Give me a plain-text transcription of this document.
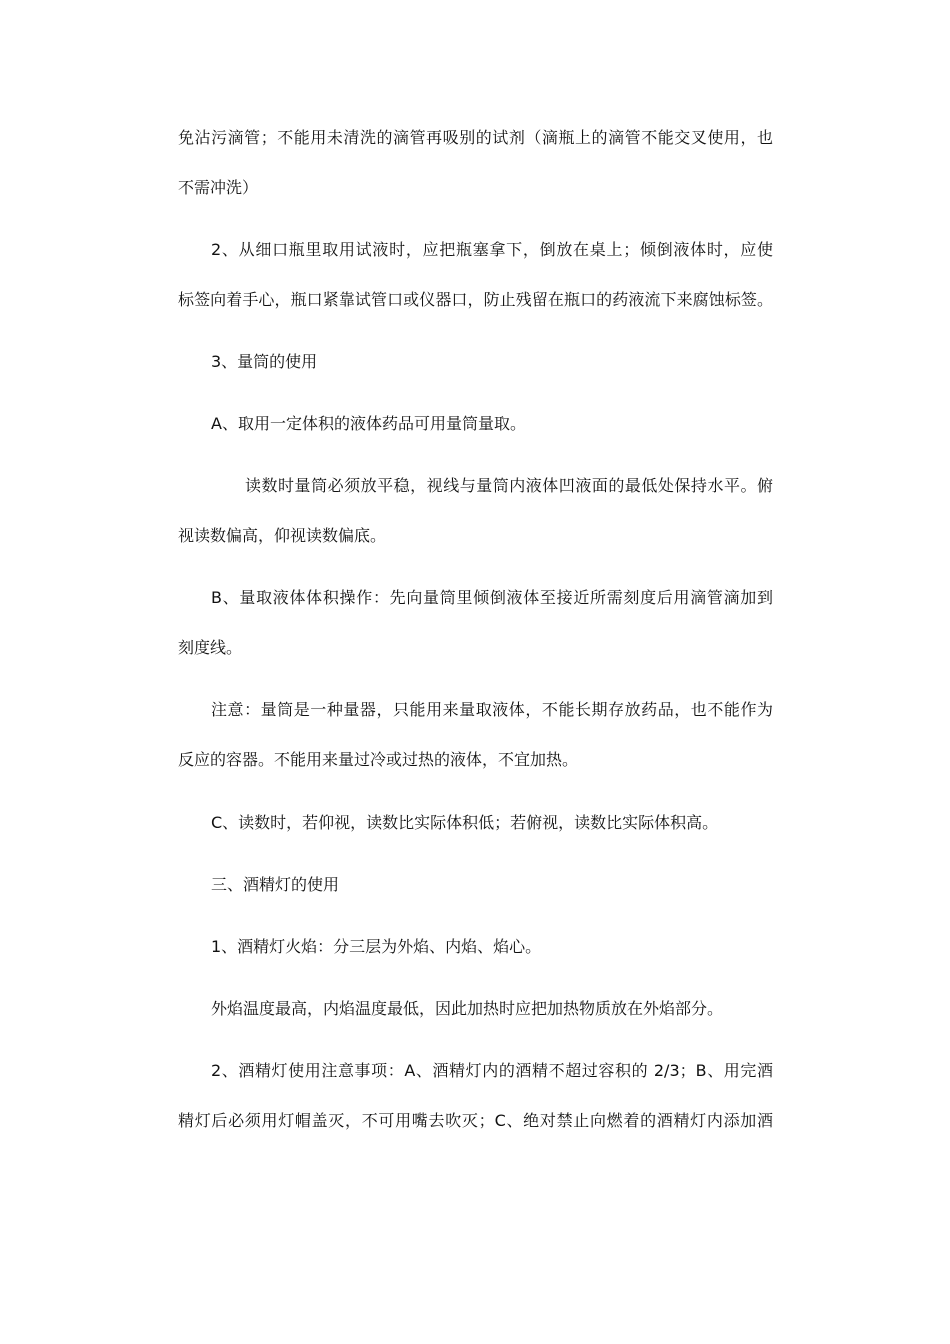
免沾污滴管；不能用未清洗的滴管再吸别的试剂（滴瓶上的滴管不能交叉使用，也
不需冲洗）
2、从细口瓶里取用试液时，应把瓶塞拿下，倒放在桌上；倾倒液体时，应使
标签向着手心，瓶口紧靠试管口或仪器口，防止残留在瓶口的药液流下来腐蚀标签。
3、量筒的使用
A、取用一定体积的液体药品可用量筒量取。
读数时量筒必须放平稳，视线与量筒内液体凹液面的最低处保持水平。俯
视读数偏高，仰视读数偏底。
B、量取液体体积操作：先向量筒里倾倒液体至接近所需刻度后用滴管滴加到
刻度线。
注意：量筒是一种量器，只能用来量取液体，不能长期存放药品，也不能作为
反应的容器。不能用来量过冷或过热的液体，不宜加热。
C、读数时，若仰视，读数比实际体积低；若俯视，读数比实际体积高。
三、酒精灯的使用
1、酒精灯火焰：分三层为外焰、内焰、焰心。
外焰温度最高，内焰温度最低，因此加热时应把加热物质放在外焰部分。
2、酒精灯使用注意事项：A、酒精灯内的酒精不超过容积的 2/3；B、用完酒
精灯后必须用灯帽盖灭，不可用嘴去吹灭；C、绝对禁止向燃着的酒精灯内添加酒
